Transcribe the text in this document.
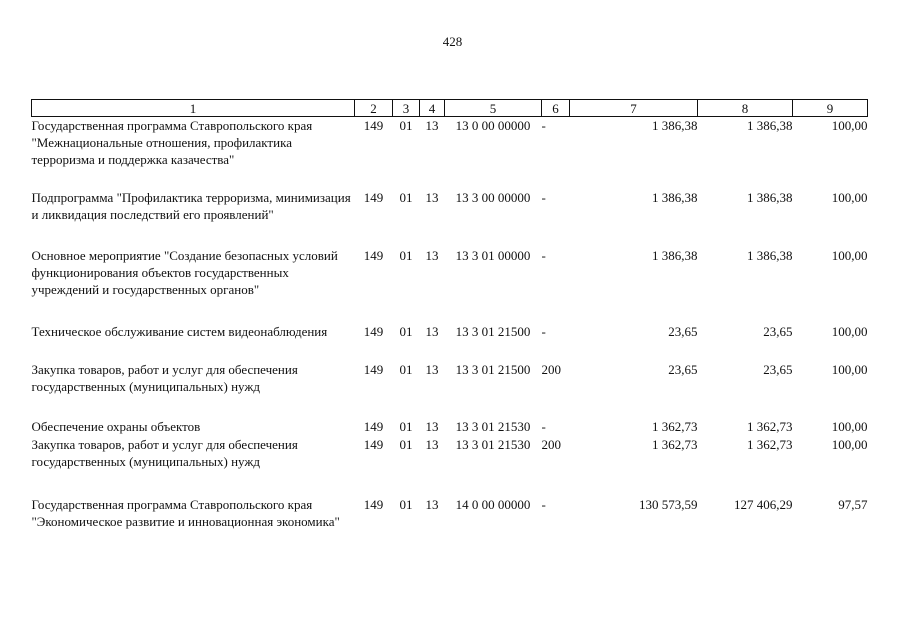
428
1	2	3	4	5	6	7	8	9
Государственная программа Ставропольского края "Межнациональные отношения, профилактика терроризма и поддержка казачества"	149	01	13	13 0 00 00000	-	1 386,38	1 386,38	100,00
Подпрограмма "Профилактика терроризма, минимизация и ликвидация последствий его проявлений"	149	01	13	13 3 00 00000	-	1 386,38	1 386,38	100,00
Основное мероприятие "Создание безопасных условий функционирования объектов государственных учреждений и государственных органов"	149	01	13	13 3 01 00000	-	1 386,38	1 386,38	100,00
Техническое обслуживание систем видеонаблюдения	149	01	13	13 3 01 21500	-	23,65	23,65	100,00
Закупка товаров, работ и услуг для обеспечения государственных (муниципальных) нужд	149	01	13	13 3 01 21500	200	23,65	23,65	100,00
Обеспечение охраны объектов	149	01	13	13 3 01 21530	-	1 362,73	1 362,73	100,00
Закупка товаров, работ и услуг для обеспечения государственных (муниципальных) нужд	149	01	13	13 3 01 21530	200	1 362,73	1 362,73	100,00
Государственная программа Ставропольского края "Экономическое развитие и инновационная экономика"	149	01	13	14 0 00 00000	-	130 573,59	127 406,29	97,57
